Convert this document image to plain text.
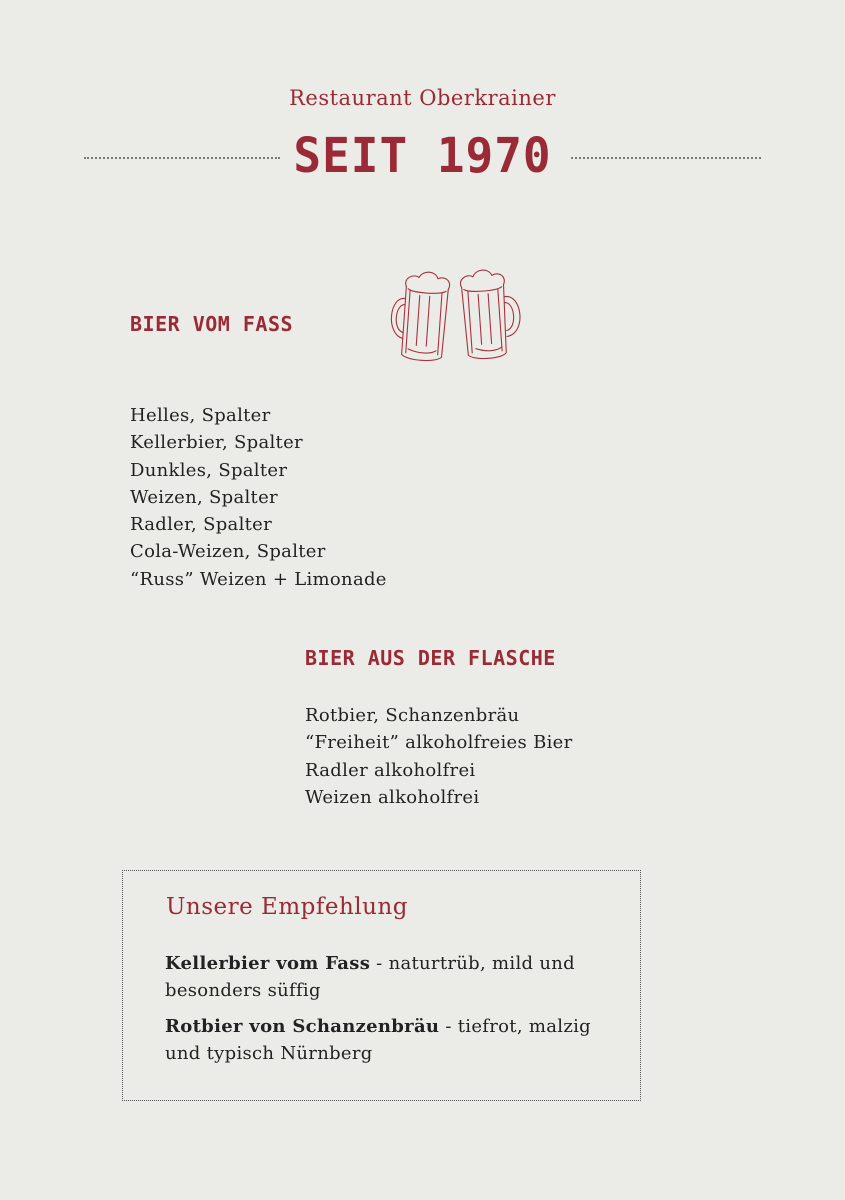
Restaurant Oberkrainer
SEIT 1970
BIER VOM FASS
Helles, Spalter
Kellerbier, Spalter
Dunkles, Spalter
Weizen, Spalter
Radler, Spalter
Cola-Weizen, Spalter
“Russ” Weizen + Limonade
BIER AUS DER FLASCHE
Rotbier, Schanzenbräu
“Freiheit” alkoholfreies Bier
Radler alkoholfrei
Weizen alkoholfrei
Unsere Empfehlung

Kellerbier vom Fass - naturtrüb, mild und besonders süffig

Rotbier von Schanzenbräu - tiefrot, malzig und typisch Nürnberg
